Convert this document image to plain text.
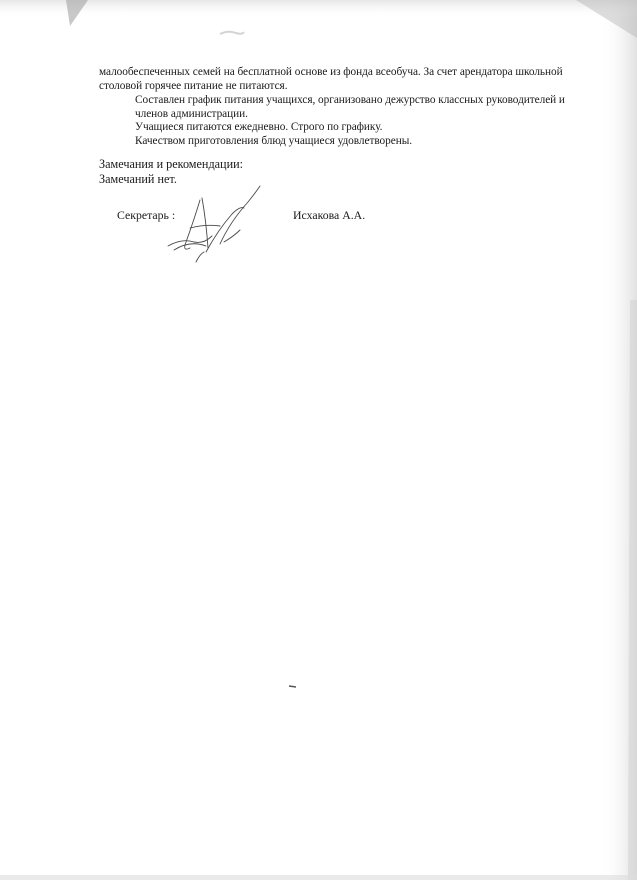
малообеспеченных семей на бесплатной основе из фонда всеобуча. За счет арендатора школьной
столовой горячее питание не питаются.
Составлен график питания учащихся, организовано дежурство классных руководителей и
членов администрации.
Учащиеся питаются ежедневно. Строго по графику.
Качеством приготовления блюд учащиеся удовлетворены.
Замечания и рекомендации:
Замечаний нет.
Секретарь :	Исхакова А.А.
